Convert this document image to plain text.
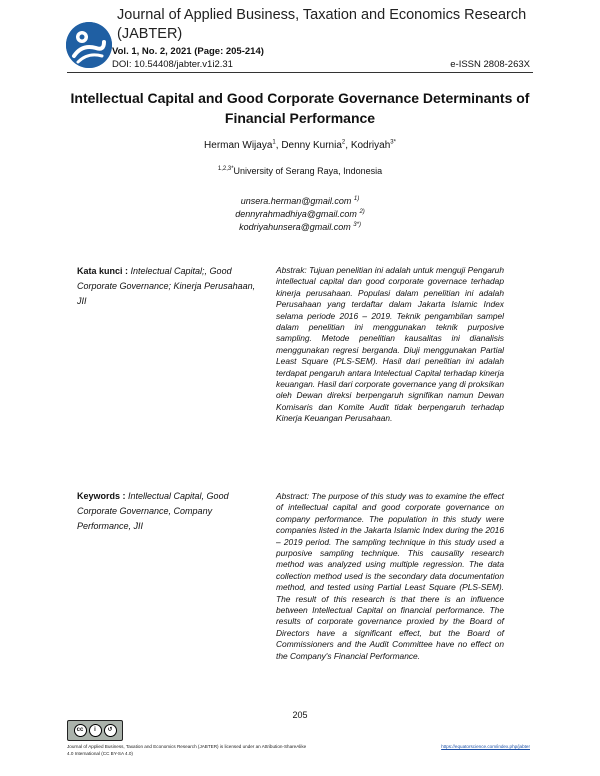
Journal of Applied Business, Taxation and Economics Research (JABTER)
Vol. 1, No. 2, 2021 (Page: 205-214)
DOI: 10.54408/jabter.v1i2.31	e-ISSN 2808-263X
Intellectual Capital and Good Corporate Governance Determinants of Financial Performance
Herman Wijaya$^1$, Denny Kurnia$^2$, Kodriyah$^{3*}$
$^{1,2,3*}$University of Serang Raya, Indonesia
unsera.herman@gmail.com $^{1)}$
dennyrahmadhiya@gmail.com $^{2)}$
kodriyahunsera@gmail.com $^{3*)}$
Kata kunci : Intelectual Capital;, Good Corporate Governance; Kinerja Perusahaan, JII
Abstrak: Tujuan penelitian ini adalah untuk menguji Pengaruh intellectual capital dan good corporate governace terhadap kinerja perusahaan. Populasi dalam penelitian ini adalah Perusahaan yang terdaftar dalam Jakarta Islamic Index selama periode 2016 – 2019. Teknik pengambilan sampel dalam penelitian ini menggunakan teknik purposive sampling. Metode penelitian kausalitas ini dianalisis menggunakan regresi berganda. Diuji menggunakan Partial Least Square (PLS-SEM). Hasil dari penelitian ini adalah terdapat pengaruh antara Intelectual Capital terhadap kinerja keuangan. Hasil dari corporate governance yang di proksikan oleh Dewan direksi berpengaruh signifikan namun Dewan Komisaris dan Komite Audit tidak berpengaruh terhadap Kinerja Keuangan Perusahaan.
Keywords : Intellectual Capital, Good Corporate Governance, Company Performance, JII
Abstract: The purpose of this study was to examine the effect of intellectual capital and good corporate governance on company performance. The population in this study were companies listed in the Jakarta Islamic Index during the 2016 – 2019 period. The sampling technique in this study used a purposive sampling technique. This causality research method was analyzed using multiple regression. The data collection method used is the secondary data documentation method, and tested using Partial Least Square (PLS-SEM). The result of this research is that there is an influence between Intellectual Capital on financial performance. The results of corporate governance proxied by the Board of Directors have a significant effect, but the Board of Commissioners and the Audit Committee have no effect on the Company's Financial Performance.
205
cc	i	↺
Journal of Applied Business, Taxation and Economics Research (JABTER) is licensed under an Attribution-ShareAlike 4.0 International (CC BY-SA 4.0)
https://equatorscience.com/index.php/jabter
